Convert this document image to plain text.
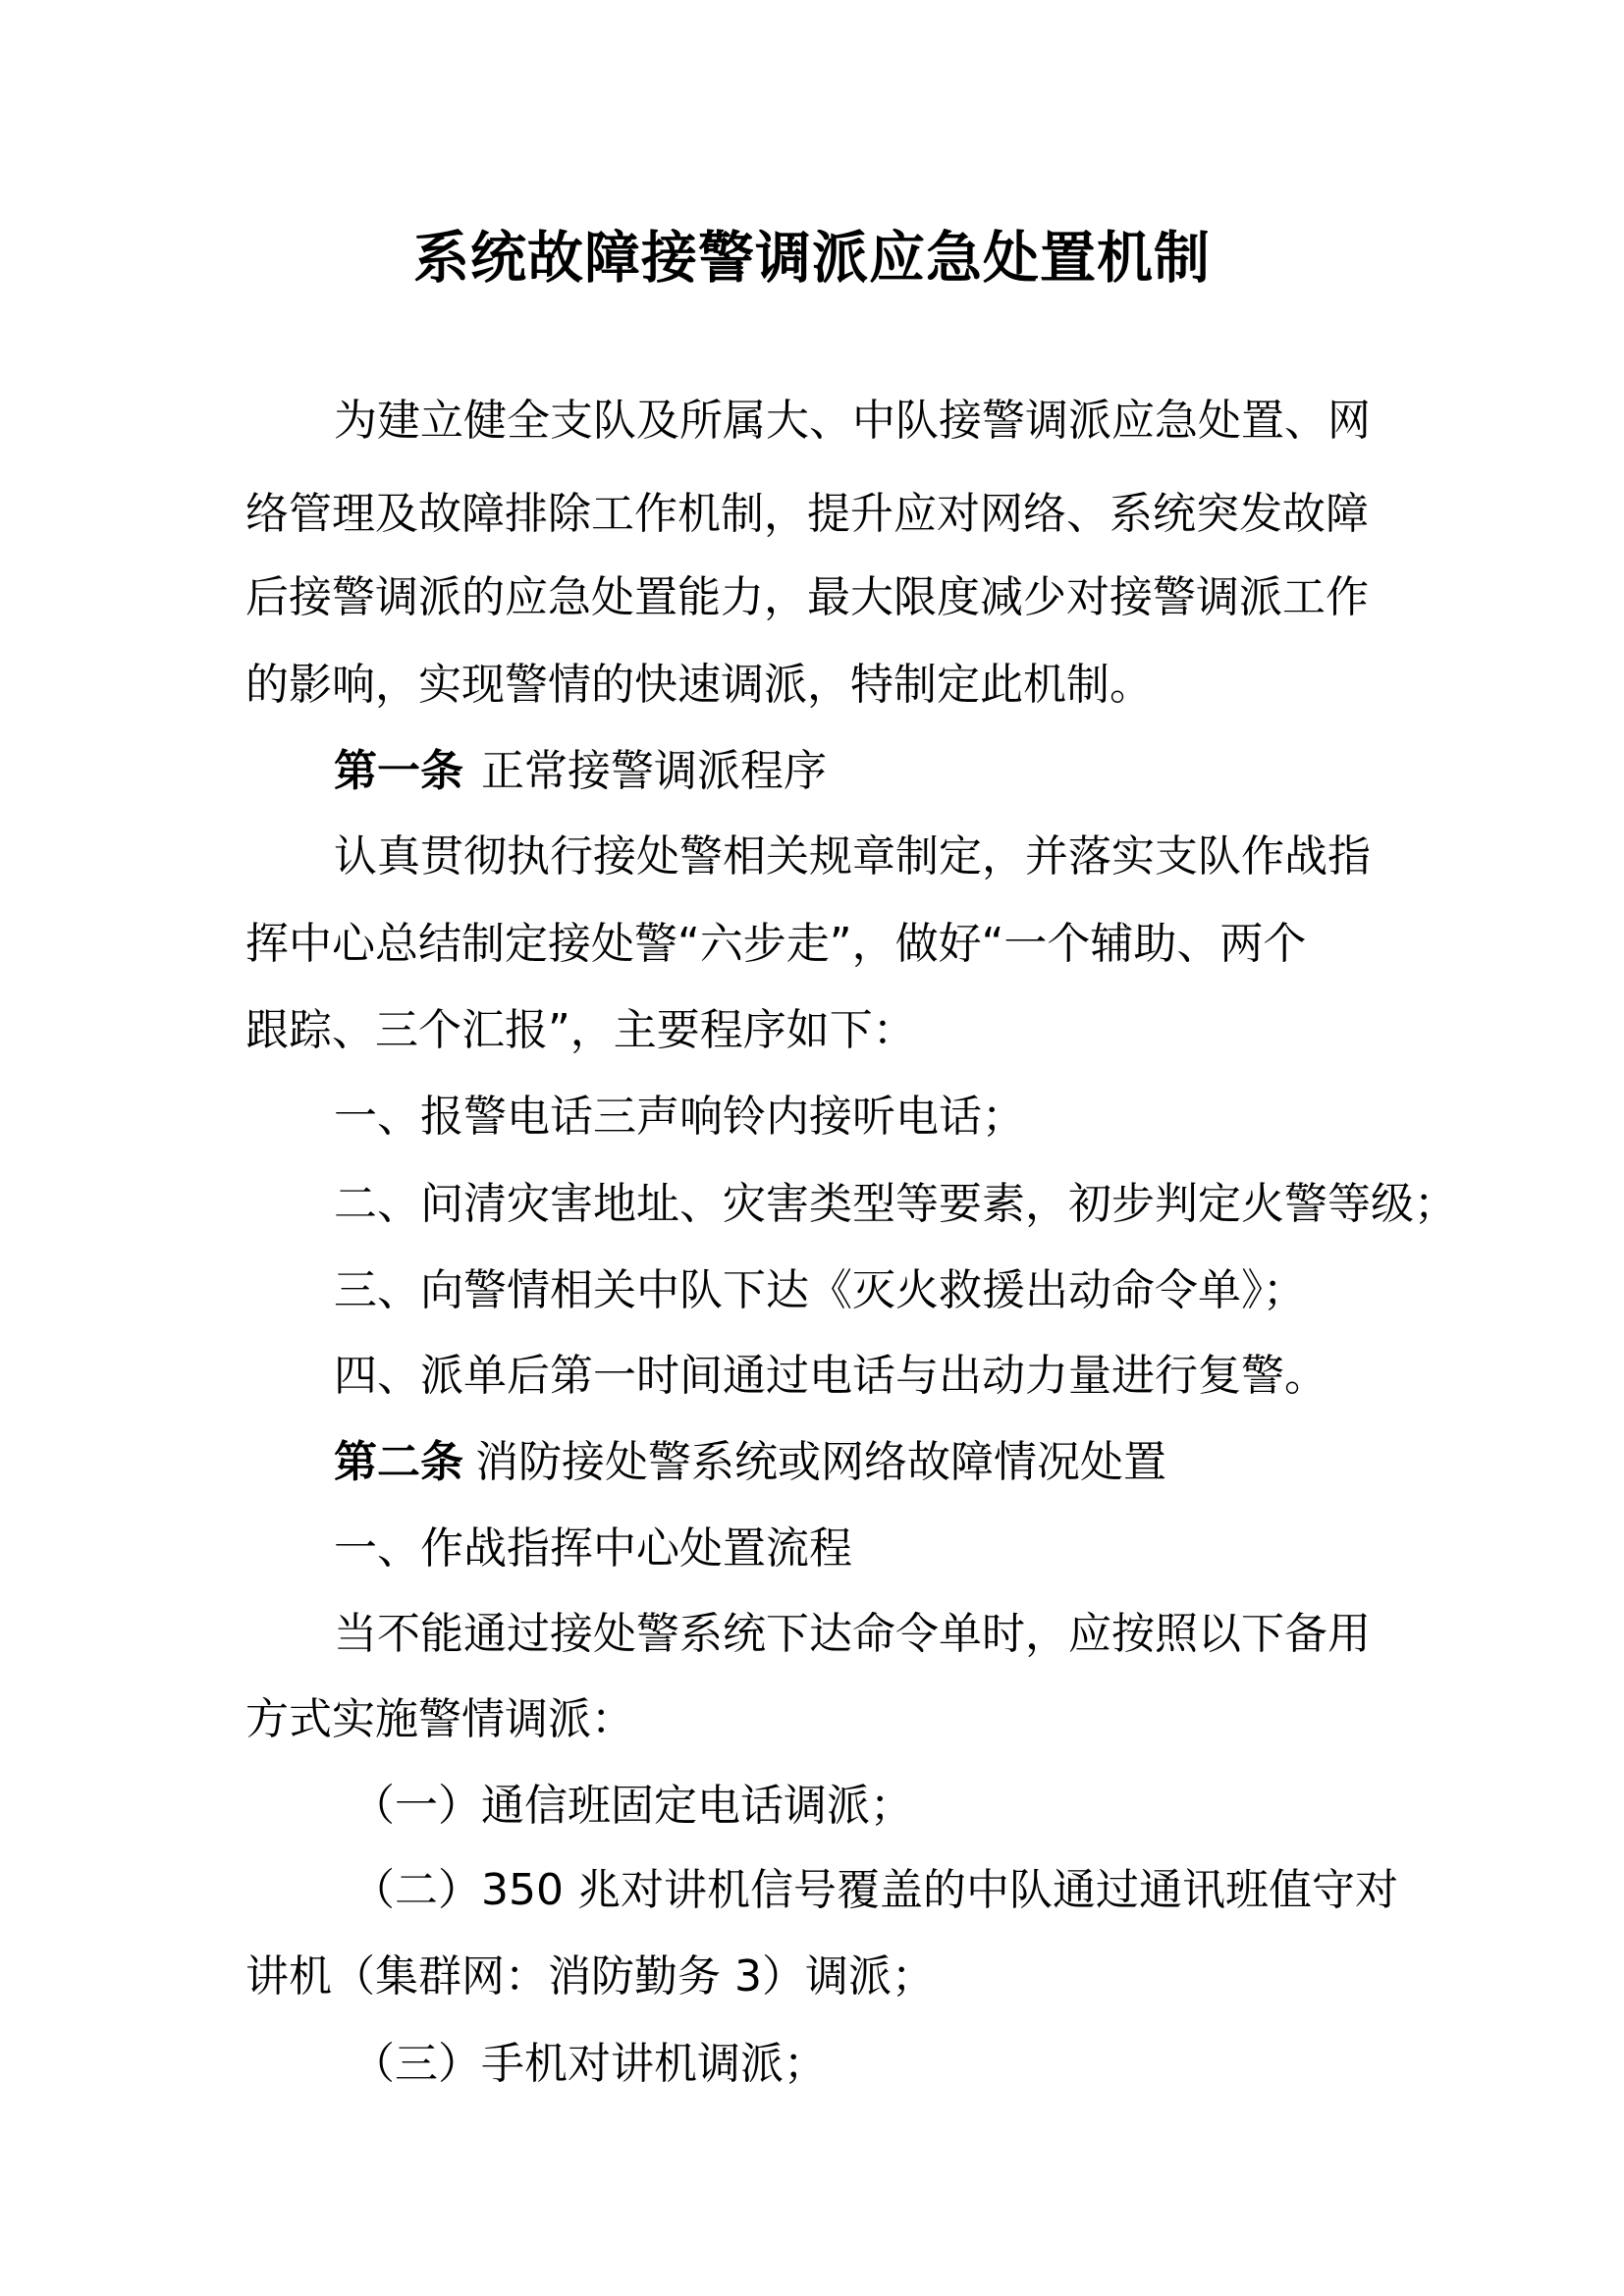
系统故障接警调派应急处置机制
为建立健全支队及所属大、中队接警调派应急处置、网
络管理及故障排除工作机制，提升应对网络、系统突发故障
后接警调派的应急处置能力，最大限度减少对接警调派工作
的影响，实现警情的快速调派，特制定此机制。
第一条 正常接警调派程序
认真贯彻执行接处警相关规章制定，并落实支队作战指
挥中心总结制定接处警“六步走”，做好“一个辅助、两个
跟踪、三个汇报”，主要程序如下：
一、报警电话三声响铃内接听电话；
二、问清灾害地址、灾害类型等要素，初步判定火警等级；
三、向警情相关中队下达《灭火救援出动命令单》；
四、派单后第一时间通过电话与出动力量进行复警。
第二条 消防接处警系统或网络故障情况处置
一、作战指挥中心处置流程
当不能通过接处警系统下达命令单时，应按照以下备用
方式实施警情调派：
（一）通信班固定电话调派；
（二）350 兆对讲机信号覆盖的中队通过通讯班值守对
讲机（集群网：消防勤务 3）调派；
（三）手机对讲机调派；
